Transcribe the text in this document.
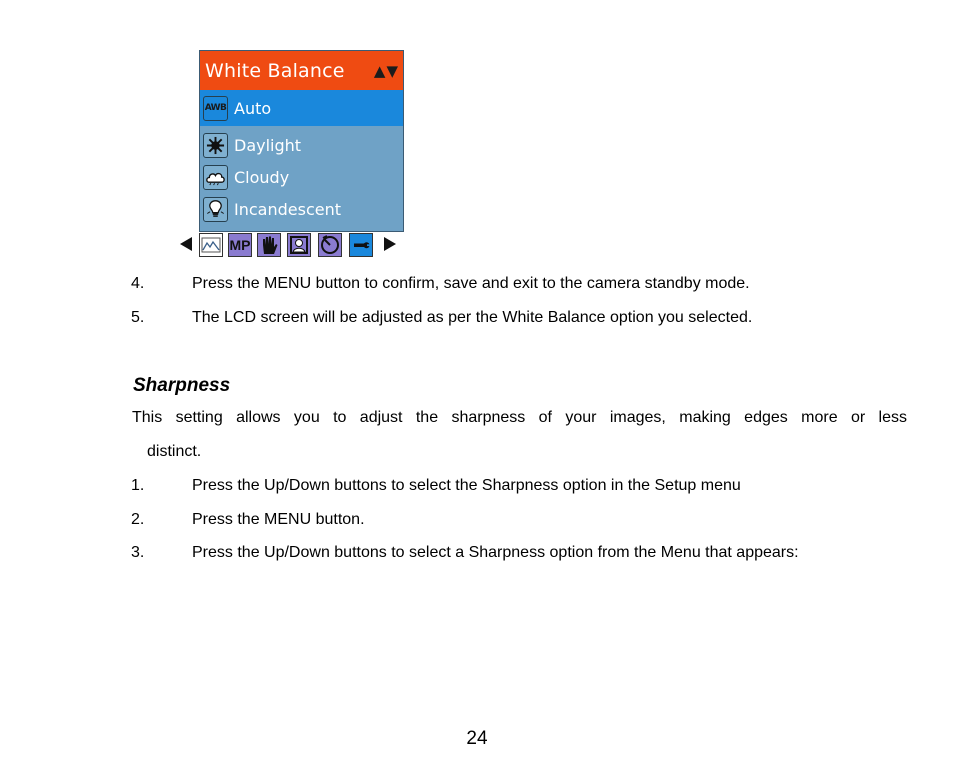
White Balance ▲▼
AWB Auto
Daylight
Cloudy
Incandescent
MP
4.	Press the MENU button to confirm, save and exit to the camera standby mode.
5.	The LCD screen will be adjusted as per the White Balance option you selected.
Sharpness
This setting allows you to adjust the sharpness of your images, making edges more or less
distinct.
1.	Press the Up/Down buttons to select the Sharpness option in the Setup menu
2.	Press the MENU button.
3.	Press the Up/Down buttons to select a Sharpness option from the Menu that appears:
24
